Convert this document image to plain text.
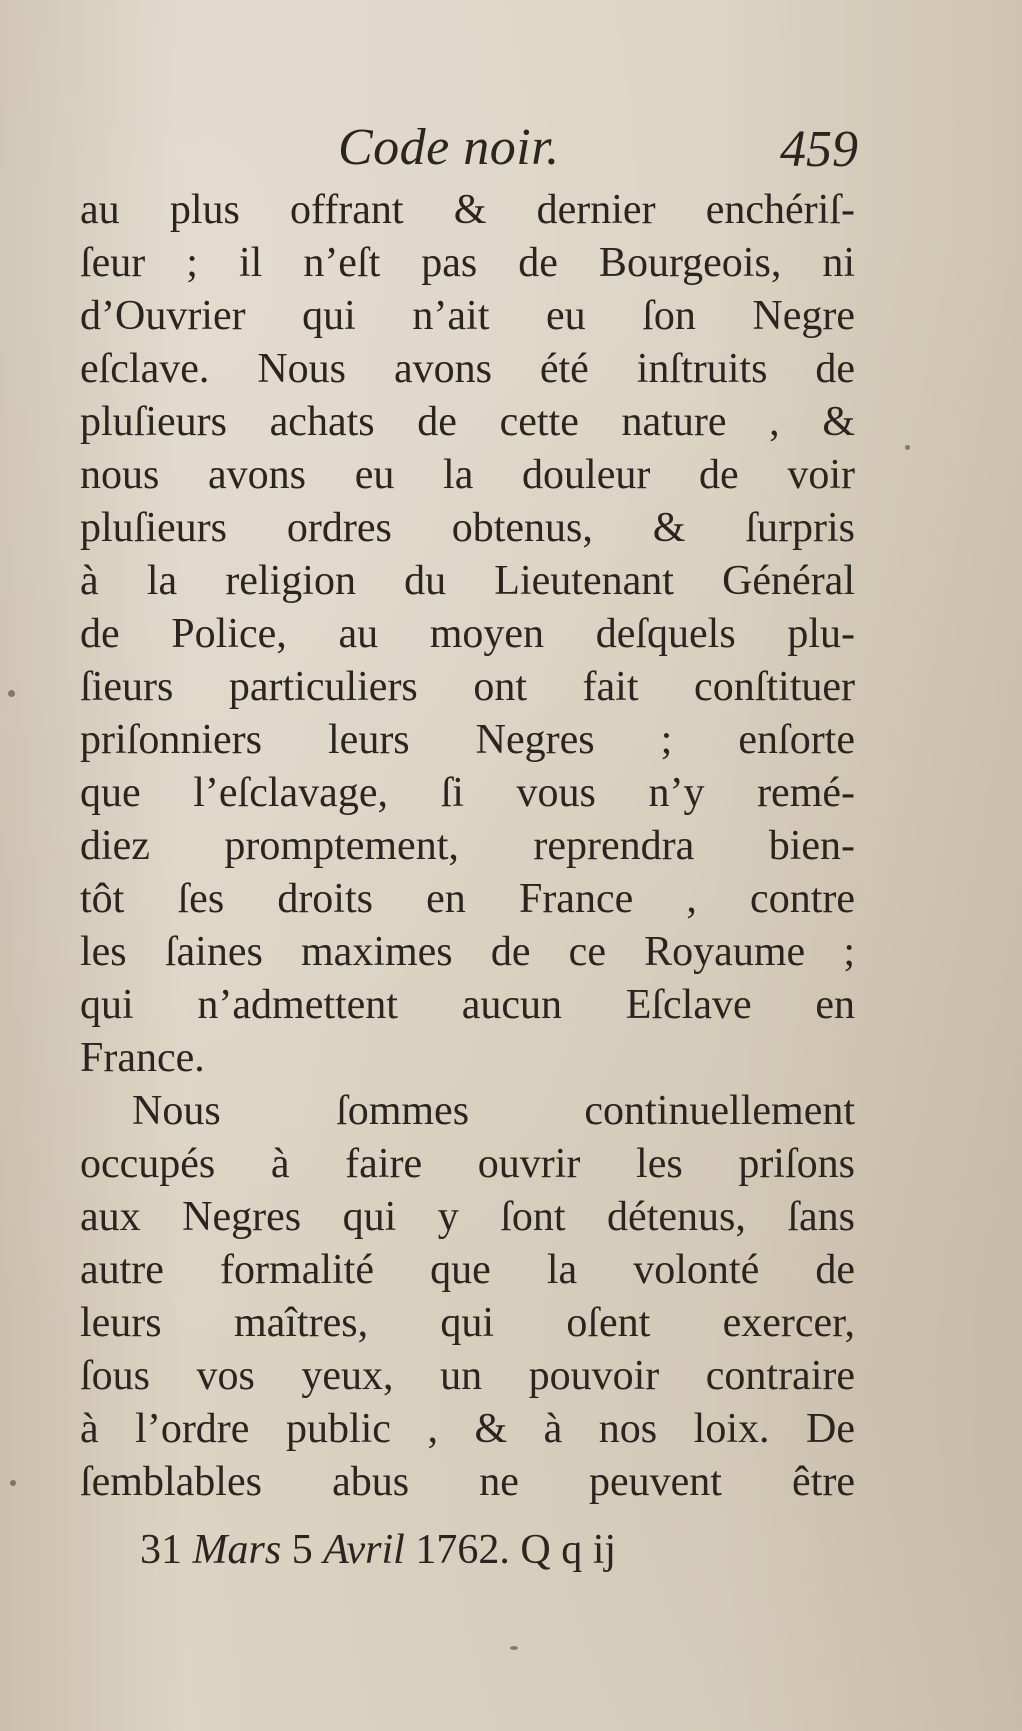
Code noir.	459
au plus offrant & dernier enchériſ-
ſeur ; il n’eſt pas de Bourgeois, ni
d’Ouvrier qui n’ait eu ſon Negre
eſclave. Nous avons été inſtruits de
pluſieurs achats de cette nature , &
nous avons eu la douleur de voir
pluſieurs ordres obtenus, & ſurpris
à la religion du Lieutenant Général
de Police, au moyen deſquels plu-
ſieurs particuliers ont fait conſtituer
priſonniers leurs Negres ; enſorte
que l’eſclavage, ſi vous n’y remé-
diez promptement, reprendra bien-
tôt ſes droits en France , contre
les ſaines maximes de ce Royaume ;
qui n’admettent aucun Eſclave en
France.
Nous ſommes continuellement
occupés à faire ouvrir les priſons
aux Negres qui y ſont détenus, ſans
autre formalité que la volonté de
leurs maîtres, qui oſent exercer,
ſous vos yeux, un pouvoir contraire
à l’ordre public , & à nos loix. De
ſemblables abus ne peuvent être
31 Mars 5 Avril 1762. Q q ij
